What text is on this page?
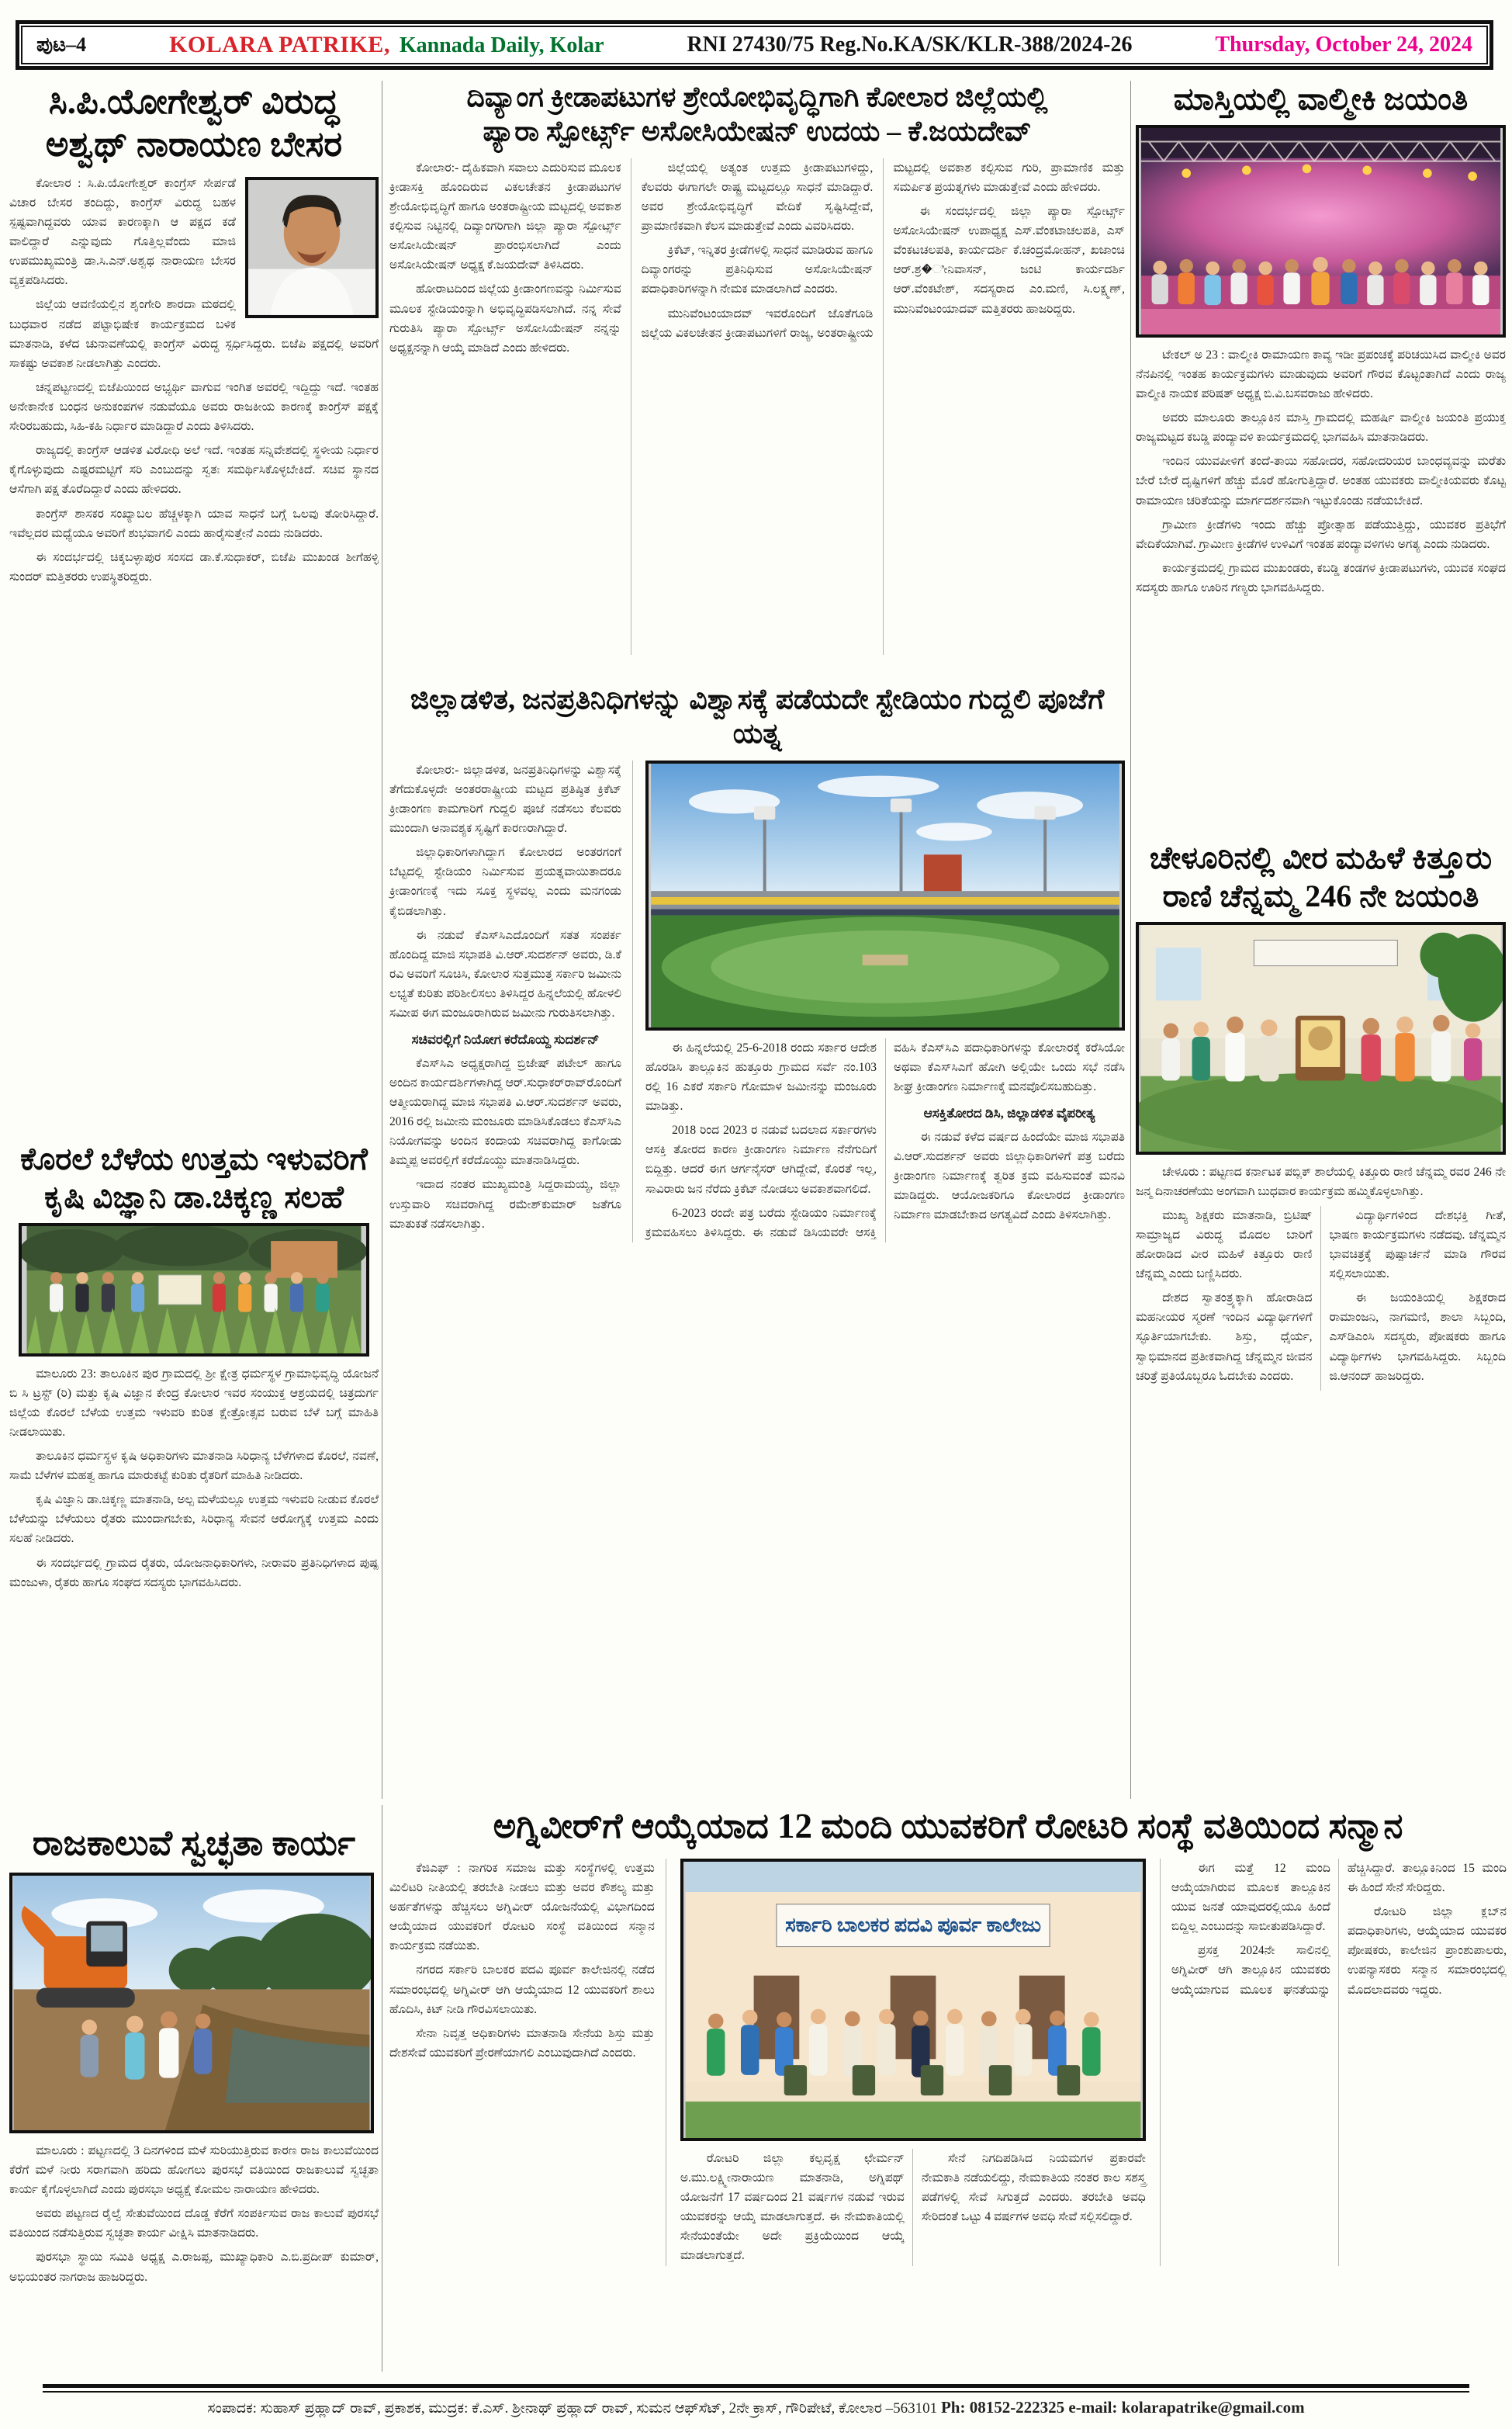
ಪುಟ–4	KOLARA PATRIKE, Kannada Daily, Kolar	RNI 27430/75 Reg.No.KA/SK/KLR-388/2024-26	Thursday, October 24, 2024
ಸಿ.ಪಿ.ಯೋಗೇಶ್ವರ್ ವಿರುದ್ಧ ಅಶ್ವಥ್ ನಾರಾಯಣ ಬೇಸರ

ಕೋಲಾರ : ಸಿ.ಪಿ.ಯೋಗೇಶ್ವರ್ ಕಾಂಗ್ರೆಸ್ ಸೇರ್ಪಡೆ ವಿಚಾರ ಬೇಸರ ತಂದಿದ್ದು, ಕಾಂಗ್ರೆಸ್ ವಿರುದ್ಧ ಬಹಳ ಸ್ಪಷ್ಟವಾಗಿದ್ದವರು ಯಾವ ಕಾರಣಕ್ಕಾಗಿ ಆ ಪಕ್ಷದ ಕಡೆ ವಾಲಿದ್ದಾರೆ ಎನ್ನುವುದು ಗೊತ್ತಿಲ್ಲವೆಂದು ಮಾಜಿ ಉಪಮುಖ್ಯಮಂತ್ರಿ ಡಾ.ಸಿ.ಎನ್.ಅಶ್ವಥ ನಾರಾಯಣ ಬೇಸರ ವ್ಯಕ್ತಪಡಿಸಿದರು.

ಜಿಲ್ಲೆಯ ಆವಣಿಯಲ್ಲಿನ ಶೃಂಗೇರಿ ಶಾರದಾ ಮಠದಲ್ಲಿ ಬುಧವಾರ ನಡೆದ ಪಟ್ಟಾಭಿಷೇಕ ಕಾರ್ಯಕ್ರಮದ ಬಳಿಕ ಮಾತನಾಡಿ, ಕಳೆದ ಚುನಾವಣೆಯಲ್ಲಿ ಕಾಂಗ್ರೆಸ್ ವಿರುದ್ಧ ಸ್ಪರ್ಧಿಸಿದ್ದರು. ಬಿಜೆಪಿ ಪಕ್ಷದಲ್ಲಿ ಅವರಿಗೆ ಸಾಕಷ್ಟು ಅವಕಾಶ ನೀಡಲಾಗಿತ್ತು ಎಂದರು.

ಚನ್ನಪಟ್ಟಣದಲ್ಲಿ ಬಿಜೆಪಿಯಿಂದ ಅಭ್ಯರ್ಥಿ ವಾಗುವ ಇಂಗಿತ ಅವರಲ್ಲಿ ಇದ್ದಿದ್ದು ಇದೆ. ಇಂತಹ ಅನೇಕಾನೇಕ ಬಂಧನ ಅನುಕಂಪಗಳ ನಡುವೆಯೂ ಅವರು ರಾಜಕೀಯ ಕಾರಣಕ್ಕೆ ಕಾಂಗ್ರೆಸ್ ಪಕ್ಷಕ್ಕೆ ಸೇರಿರಬಹುದು, ಸಿಹಿ-ಕಹಿ ನಿರ್ಧಾರ ಮಾಡಿದ್ದಾರೆ ಎಂದು ತಿಳಿಸಿದರು.

ರಾಜ್ಯದಲ್ಲಿ ಕಾಂಗ್ರೆಸ್ ಆಡಳಿತ ವಿರೋಧಿ ಅಲೆ ಇದೆ. ಇಂತಹ ಸನ್ನಿವೇಶದಲ್ಲಿ ಸ್ಥಳೀಯ ನಿರ್ಧಾರ ಕೈಗೊಳ್ಳುವುದು ಎಷ್ಟರಮಟ್ಟಿಗೆ ಸರಿ ಎಂಬುದನ್ನು ಸ್ವತಃ ಸಮರ್ಥಿಸಿಕೊಳ್ಳಬೇಕಿದೆ. ಸಚಿವ ಸ್ಥಾನದ ಆಸೆಗಾಗಿ ಪಕ್ಷ ತೊರೆದಿದ್ದಾರೆ ಎಂದು ಹೇಳಿದರು.

ಕಾಂಗ್ರೆಸ್ ಶಾಸಕರ ಸಂಖ್ಯಾಬಲ ಹೆಚ್ಚಳಕ್ಕಾಗಿ ಯಾವ ಸಾಧನೆ ಬಗ್ಗೆ ಒಲವು ತೋರಿಸಿದ್ದಾರೆ. ಇವೆಲ್ಲದರ ಮಧ್ಯೆಯೂ ಅವರಿಗೆ ಶುಭವಾಗಲಿ ಎಂದು ಹಾರೈಸುತ್ತೇನೆ ಎಂದು ನುಡಿದರು.

ಈ ಸಂದರ್ಭದಲ್ಲಿ ಚಿಕ್ಕಬಳ್ಳಾಪುರ ಸಂಸದ ಡಾ.ಕೆ.ಸುಧಾಕರ್, ಬಿಜೆಪಿ ಮುಖಂಡ ಶೀಗೆಹಳ್ಳಿ ಸುಂದರ್ ಮತ್ತಿತರರು ಉಪಸ್ಥಿತರಿದ್ದರು.

ದಿವ್ಯಾಂಗ ಕ್ರೀಡಾಪಟುಗಳ ಶ್ರೇಯೋಭಿವೃದ್ಧಿಗಾಗಿ ಕೋಲಾರ ಜಿಲ್ಲೆಯಲ್ಲಿ
ಪ್ಯಾರಾ ಸ್ಪೋರ್ಟ್ಸ್ ಅಸೋಸಿಯೇಷನ್ ಉದಯ – ಕೆ.ಜಯದೇವ್

ಕೋಲಾರ:- ದೈಹಿಕವಾಗಿ ಸವಾಲು ಎದುರಿಸುವ ಮೂಲಕ ಕ್ರೀಡಾಸಕ್ತಿ ಹೊಂದಿರುವ ವಿಕಲಚೇತನ ಕ್ರೀಡಾಪಟುಗಳ ಶ್ರೇಯೋಭಿವೃದ್ಧಿಗೆ ಹಾಗೂ ಅಂತರಾಷ್ಟ್ರೀಯ ಮಟ್ಟದಲ್ಲಿ ಅವಕಾಶ ಕಲ್ಪಿಸುವ ನಿಟ್ಟಿನಲ್ಲಿ ದಿವ್ಯಾಂಗರಿಗಾಗಿ ಜಿಲ್ಲಾ ಪ್ಯಾರಾ ಸ್ಪೋರ್ಟ್ಸ್ ಅಸೋಸಿಯೇಷನ್ ಪ್ರಾರಂಭಿಸಲಾಗಿದೆ ಎಂದು ಅಸೋಸಿಯೇಷನ್ ಅಧ್ಯಕ್ಷ ಕೆ.ಜಯದೇವ್ ತಿಳಿಸಿದರು.

ಹೋರಾಟದಿಂದ ಜಿಲ್ಲೆಯ ಕ್ರೀಡಾಂಗಣವನ್ನು ನಿರ್ಮಿಸುವ ಮೂಲಕ ಸ್ಟೇಡಿಯಂನ್ನಾಗಿ ಅಭಿವೃದ್ಧಿಪಡಿಸಲಾಗಿದೆ. ನನ್ನ ಸೇವೆ ಗುರುತಿಸಿ ಪ್ಯಾರಾ ಸ್ಪೋರ್ಟ್ಸ್ ಅಸೋಸಿಯೇಷನ್ ನನ್ನನ್ನು ಅಧ್ಯಕ್ಷನನ್ನಾಗಿ ಆಯ್ಕೆ ಮಾಡಿದೆ ಎಂದು ಹೇಳಿದರು.

ಜಿಲ್ಲೆಯಲ್ಲಿ ಅತ್ಯಂತ ಉತ್ತಮ ಕ್ರೀಡಾಪಟುಗಳಿದ್ದು, ಕೆಲವರು ಈಗಾಗಲೇ ರಾಷ್ಟ್ರ ಮಟ್ಟದಲ್ಲೂ ಸಾಧನೆ ಮಾಡಿದ್ದಾರೆ. ಅವರ ಶ್ರೇಯೋಭಿವೃದ್ಧಿಗೆ ವೇದಿಕೆ ಸೃಷ್ಟಿಸಿದ್ದೇವೆ, ಪ್ರಾಮಾಣಿಕವಾಗಿ ಕೆಲಸ ಮಾಡುತ್ತೇವೆ ಎಂದು ವಿವರಿಸಿದರು.

ಕ್ರಿಕೆಟ್, ಇನ್ನಿತರ ಕ್ರೀಡೆಗಳಲ್ಲಿ ಸಾಧನೆ ಮಾಡಿರುವ ಹಾಗೂ ದಿವ್ಯಾಂಗರನ್ನು ಪ್ರತಿನಿಧಿಸುವ ಅಸೋಸಿಯೇಷನ್ ಪದಾಧಿಕಾರಿಗಳನ್ನಾಗಿ ನೇಮಕ ಮಾಡಲಾಗಿದೆ ಎಂದರು.

ಮುನಿವೆಂಟಂಯಾದವ್ ಇವರೊಂದಿಗೆ ಜೊತೆಗೂಡಿ ಜಿಲ್ಲೆಯ ವಿಕಲಚೇತನ ಕ್ರೀಡಾಪಟುಗಳಿಗೆ ರಾಜ್ಯ, ಅಂತರಾಷ್ಟ್ರೀಯ ಮಟ್ಟದಲ್ಲಿ ಅವಕಾಶ ಕಲ್ಪಿಸುವ ಗುರಿ, ಪ್ರಾಮಾಣಿಕ ಮತ್ತು ಸಮರ್ಪಿತ ಪ್ರಯತ್ನಗಳು ಮಾಡುತ್ತೇವೆ ಎಂದು ಹೇಳಿದರು.

ಈ ಸಂದರ್ಭದಲ್ಲಿ ಜಿಲ್ಲಾ ಪ್ಯಾರಾ ಸ್ಪೋರ್ಟ್ಸ್ ಅಸೋಸಿಯೇಷನ್ ಉಪಾಧ್ಯಕ್ಷ ಎಸ್.ವೆಂಕಟಾಚಲಪತಿ, ಎಸ್ ವೆಂಕಟಚಲಪತಿ, ಕಾರ್ಯದರ್ಶಿ ಕೆ.ಚಂದ್ರಮೋಹನ್, ಖಜಾಂಚಿ ಆರ್.ಶ್ರ�ೀನಿವಾಸನ್, ಜಂಟಿ ಕಾರ್ಯದರ್ಶಿ ಆರ್.ವೆಂಕಟೇಶ್, ಸದಸ್ಯರಾದ ಎಂ.ಮಣಿ, ಸಿ.ಲಕ್ಷ್ಮಣ್, ಮುನಿವೆಂಟಂಯಾದವ್ ಮತ್ತಿತರರು ಹಾಜರಿದ್ದರು.

ಮಾಸ್ತಿಯಲ್ಲಿ ವಾಲ್ಮೀಕಿ ಜಯಂತಿ

ಟೇಕಲ್ ಅ 23 : ವಾಲ್ಮೀಕಿ ರಾಮಾಯಣ ಕಾವ್ಯ ಇಡೀ ಪ್ರಪಂಚಕ್ಕೆ ಪರಿಚಯಿಸಿದ ವಾಲ್ಮೀಕಿ ಅವರ ನೆನಪಿನಲ್ಲಿ ಇಂತಹ ಕಾರ್ಯಕ್ರಮಗಳು ಮಾಡುವುದು ಅವರಿಗೆ ಗೌರವ ಕೊಟ್ಟಂತಾಗಿದೆ ಎಂದು ರಾಜ್ಯ ವಾಲ್ಮೀಕಿ ನಾಯಕ ಪರಿಷತ್ ಅಧ್ಯಕ್ಷ ಬಿ.ವಿ.ಬಸವರಾಜು ಹೇಳಿದರು.

ಅವರು ಮಾಲೂರು ತಾಲ್ಲೂಕಿನ ಮಾಸ್ತಿ ಗ್ರಾಮದಲ್ಲಿ ಮಹರ್ಷಿ ವಾಲ್ಮೀಕಿ ಜಯಂತಿ ಪ್ರಯುಕ್ತ ರಾಜ್ಯಮಟ್ಟದ ಕಬಡ್ಡಿ ಪಂದ್ಯಾವಳಿ ಕಾರ್ಯಕ್ರಮದಲ್ಲಿ ಭಾಗವಹಿಸಿ ಮಾತನಾಡಿದರು.

ಇಂದಿನ ಯುವಪೀಳಿಗೆ ತಂದೆ-ತಾಯಿ ಸಹೋದರ, ಸಹೋದರಿಯರ ಬಾಂಧವ್ಯವನ್ನು ಮರೆತು ಬೇರೆ ಬೇರೆ ದೃಷ್ಟಿಗಳಿಗೆ ಹೆಚ್ಚು ಮೊರೆ ಹೋಗುತ್ತಿದ್ದಾರೆ. ಅಂತಹ ಯುವಕರು ವಾಲ್ಮೀಕಿಯವರು ಕೊಟ್ಟ ರಾಮಾಯಣ ಚರಿತೆಯನ್ನು ಮಾರ್ಗದರ್ಶನವಾಗಿ ಇಟ್ಟುಕೊಂಡು ನಡೆಯಬೇಕಿದೆ.

ಗ್ರಾಮೀಣ ಕ್ರೀಡೆಗಳು ಇಂದು ಹೆಚ್ಚು ಪ್ರೋತ್ಸಾಹ ಪಡೆಯುತ್ತಿದ್ದು, ಯುವಕರ ಪ್ರತಿಭೆಗೆ ವೇದಿಕೆಯಾಗಿವೆ. ಗ್ರಾಮೀಣ ಕ್ರೀಡೆಗಳ ಉಳಿವಿಗೆ ಇಂತಹ ಪಂದ್ಯಾವಳಿಗಳು ಅಗತ್ಯ ಎಂದು ನುಡಿದರು.

ಕಾರ್ಯಕ್ರಮದಲ್ಲಿ ಗ್ರಾಮದ ಮುಖಂಡರು, ಕಬಡ್ಡಿ ತಂಡಗಳ ಕ್ರೀಡಾಪಟುಗಳು, ಯುವಕ ಸಂಘದ ಸದಸ್ಯರು ಹಾಗೂ ಊರಿನ ಗಣ್ಯರು ಭಾಗವಹಿಸಿದ್ದರು.

ಜಿಲ್ಲಾಡಳಿತ, ಜನಪ್ರತಿನಿಧಿಗಳನ್ನು ವಿಶ್ವಾಸಕ್ಕೆ ಪಡೆಯದೇ ಸ್ಟೇಡಿಯಂ ಗುದ್ದಲಿ ಪೂಜೆಗೆ ಯತ್ನ

ಕೋಲಾರ:- ಜಿಲ್ಲಾಡಳಿತ, ಜನಪ್ರತಿನಿಧಿಗಳನ್ನು ವಿಶ್ವಾಸಕ್ಕೆ ತೆಗೆದುಕೊಳ್ಳದೇ ಅಂತರರಾಷ್ಟ್ರೀಯ ಮಟ್ಟದ ಪ್ರತಿಷ್ಠಿತ ಕ್ರಿಕೆಟ್ ಕ್ರೀಡಾಂಗಣ ಕಾಮಗಾರಿಗೆ ಗುದ್ದಲಿ ಪೂಜೆ ನಡೆಸಲು ಕೆಲವರು ಮುಂದಾಗಿ ಅನಾವಶ್ಯಕ ಸೃಷ್ಟಿಗೆ ಕಾರಣರಾಗಿದ್ದಾರೆ.

ಜಿಲ್ಲಾಧಿಕಾರಿಗಳಾಗಿದ್ದಾಗ ಕೋಲಾರದ ಅಂತರಗಂಗೆ ಬೆಟ್ಟದಲ್ಲಿ ಸ್ಟೇಡಿಯಂ ನಿರ್ಮಿಸುವ ಪ್ರಯತ್ನವಾಯಿತಾದರೂ ಕ್ರೀಡಾಂಗಣಕ್ಕೆ ಇದು ಸೂಕ್ತ ಸ್ಥಳವಲ್ಲ ಎಂದು ಮನಗಂಡು ಕೈಬಿಡಲಾಗಿತ್ತು.

ಈ ನಡುವೆ ಕೆಎಸ್‌ಸಿಎದೊಂದಿಗೆ ಸತತ ಸಂಪರ್ಕ ಹೊಂದಿದ್ದ ಮಾಜಿ ಸಭಾಪತಿ ವಿ.ಆರ್.ಸುದರ್ಶನ್ ಅವರು, ಡಿ.ಕೆ ರವಿ ಅವರಿಗೆ ಸೂಚಿಸಿ, ಕೋಲಾರ ಸುತ್ತಮುತ್ತ ಸರ್ಕಾರಿ ಜಮೀನು ಲಭ್ಯತೆ ಕುರಿತು ಪರಿಶೀಲಿಸಲು ತಿಳಿಸಿದ್ದರ ಹಿನ್ನಲೆಯಲ್ಲಿ ಹೋಳಲಿ ಸಮೀಪ ಈಗ ಮಂಜೂರಾಗಿರುವ ಜಮೀನು ಗುರುತಿಸಲಾಗಿತ್ತು.

ಸಚಿವರಲ್ಲಿಗೆ ನಿಯೋಗ ಕರೆದೊಯ್ದ ಸುದರ್ಶನ್

ಕೆಎಸ್‌ಸಿಎ ಅಧ್ಯಕ್ಷರಾಗಿದ್ದ ಬ್ರಿಜೇಷ್ ಪಟೇಲ್ ಹಾಗೂ ಅಂದಿನ ಕಾರ್ಯದರ್ಶಿಗಳಾಗಿದ್ದ ಆರ್.ಸುಧಾಕರ್‌ರಾವ್‌ರೊಂದಿಗೆ ಆತ್ಮೀಯರಾಗಿದ್ದ ಮಾಜಿ ಸಭಾಪತಿ ವಿ.ಆರ್.ಸುದರ್ಶನ್ ಅವರು, 2016 ರಲ್ಲಿ ಜಮೀನು ಮಂಜೂರು ಮಾಡಿಸಿಕೊಡಲು ಕೆಎಸ್‌ಸಿಎ ನಿಯೋಗವನ್ನು ಅಂದಿನ ಕಂದಾಯ ಸಚಿವರಾಗಿದ್ದ ಕಾಗೋಡು ತಿಮ್ಮಪ್ಪ ಅವರಲ್ಲಿಗೆ ಕರೆದೊಯ್ದು ಮಾತನಾಡಿಸಿದ್ದರು.

ಇದಾದ ನಂತರ ಮುಖ್ಯಮಂತ್ರಿ ಸಿದ್ದರಾಮಯ್ಯ, ಜಿಲ್ಲಾ ಉಸ್ತುವಾರಿ ಸಚಿವರಾಗಿದ್ದ ರಮೇಶ್‌ಕುಮಾರ್ ಜತೆಗೂ ಮಾತುಕತೆ ನಡೆಸಲಾಗಿತ್ತು.

ಈ ಹಿನ್ನಲೆಯಲ್ಲಿ 25-6-2018 ರಂದು ಸರ್ಕಾರ ಆದೇಶ ಹೊರಡಿಸಿ ತಾಲ್ಲೂಕಿನ ಹುತ್ತೂರು ಗ್ರಾಮದ ಸರ್ವೆ ನಂ.103 ರಲ್ಲಿ 16 ಎಕರೆ ಸರ್ಕಾರಿ ಗೋಮಾಳ ಜಮೀನನ್ನು ಮಂಜೂರು ಮಾಡಿತ್ತು.

2018 ರಿಂದ 2023 ರ ನಡುವೆ ಬದಲಾದ ಸರ್ಕಾರಗಳು ಆಸಕ್ತಿ ತೋರದ ಕಾರಣ ಕ್ರೀಡಾಂಗಣ ನಿರ್ಮಾಣ ನೆನೆಗುದಿಗೆ ಬಿದ್ದಿತ್ತು. ಆದರೆ ಈಗ ಆರ್ಗನೈಸರ್ ಆಗಿದ್ದೇವೆ, ಕೊರತೆ ಇಲ್ಲ, ಸಾವಿರಾರು ಜನ ನೆರೆದು ಕ್ರಿಕೆಟ್ ನೋಡಲು ಅವಕಾಶವಾಗಲಿದೆ.

6-2023 ರಂದೇ ಪತ್ರ ಬರೆದು ಸ್ಟೇಡಿಯಂ ನಿರ್ಮಾಣಕ್ಕೆ ಕ್ರಮವಹಿಸಲು ತಿಳಿಸಿದ್ದರು. ಈ ನಡುವೆ ಡಿಸಿಯವರೇ ಆಸಕ್ತಿ ವಹಿಸಿ ಕೆಎಸ್‌ಸಿಎ ಪದಾಧಿಕಾರಿಗಳನ್ನು ಕೋಲಾರಕ್ಕೆ ಕರೆಸಿಯೋ ಅಥವಾ ಕೆಎಸ್‌ಸಿಎಗೆ ಹೋಗಿ ಅಲ್ಲಿಯೇ ಒಂದು ಸಭೆ ನಡೆಸಿ ಶೀಘ್ರ ಕ್ರೀಡಾಂಗಣ ನಿರ್ಮಾಣಕ್ಕೆ ಮನವೊಲಿಸಬಹುದಿತ್ತು.

ಆಸಕ್ತಿತೋರದ ಡಿಸಿ, ಜಿಲ್ಲಾಡಳಿತ ವೈಪರೀತ್ಯ

ಈ ನಡುವೆ ಕಳೆದ ವರ್ಷದ ಹಿಂದೆಯೇ ಮಾಜಿ ಸಭಾಪತಿ ವಿ.ಆರ್.ಸುದರ್ಶನ್ ಅವರು ಜಿಲ್ಲಾಧಿಕಾರಿಗಳಿಗೆ ಪತ್ರ ಬರೆದು ಕ್ರೀಡಾಂಗಣ ನಿರ್ಮಾಣಕ್ಕೆ ತ್ವರಿತ ಕ್ರಮ ವಹಿಸುವಂತೆ ಮನವಿ ಮಾಡಿದ್ದರು. ಆಯೋಜಕರಿಗೂ ಕೋಲಾರದ ಕ್ರೀಡಾಂಗಣ ನಿರ್ಮಾಣ ಮಾಡಬೇಕಾದ ಅಗತ್ಯವಿದೆ ಎಂದು ತಿಳಿಸಲಾಗಿತ್ತು.

ಚೇಳೂರಿನಲ್ಲಿ ವೀರ ಮಹಿಳೆ ಕಿತ್ತೂರು
ರಾಣಿ ಚೆನ್ನಮ್ಮ 246 ನೇ ಜಯಂತಿ

ಚೇಳೂರು : ಪಟ್ಟಣದ ಕರ್ನಾಟಕ ಪಬ್ಲಿಕ್ ಶಾಲೆಯಲ್ಲಿ ಕಿತ್ತೂರು ರಾಣಿ ಚೆನ್ನಮ್ಮ ರವರ 246 ನೇ ಜನ್ಮ ದಿನಾಚರಣೆಯು ಅಂಗವಾಗಿ ಬುಧವಾರ ಕಾರ್ಯಕ್ರಮ ಹಮ್ಮಿಕೊಳ್ಳಲಾಗಿತ್ತು.

ಮುಖ್ಯ ಶಿಕ್ಷಕರು ಮಾತನಾಡಿ, ಬ್ರಿಟಿಷ್ ಸಾಮ್ರಾಜ್ಯದ ವಿರುದ್ಧ ಮೊದಲ ಬಾರಿಗೆ ಹೋರಾಡಿದ ವೀರ ಮಹಿಳೆ ಕಿತ್ತೂರು ರಾಣಿ ಚೆನ್ನಮ್ಮ ಎಂದು ಬಣ್ಣಿಸಿದರು.

ದೇಶದ ಸ್ವಾತಂತ್ರ್ಯಕ್ಕಾಗಿ ಹೋರಾಡಿದ ಮಹನೀಯರ ಸ್ಮರಣೆ ಇಂದಿನ ವಿದ್ಯಾರ್ಥಿಗಳಿಗೆ ಸ್ಫೂರ್ತಿಯಾಗಬೇಕು. ಶಿಸ್ತು, ಧೈರ್ಯ, ಸ್ವಾಭಿಮಾನದ ಪ್ರತೀಕವಾಗಿದ್ದ ಚೆನ್ನಮ್ಮನ ಜೀವನ ಚರಿತ್ರೆ ಪ್ರತಿಯೊಬ್ಬರೂ ಓದಬೇಕು ಎಂದರು.

ವಿದ್ಯಾರ್ಥಿಗಳಿಂದ ದೇಶಭಕ್ತಿ ಗೀತೆ, ಭಾಷಣ ಕಾರ್ಯಕ್ರಮಗಳು ನಡೆದವು. ಚೆನ್ನಮ್ಮನ ಭಾವಚಿತ್ರಕ್ಕೆ ಪುಷ್ಪಾರ್ಚನೆ ಮಾಡಿ ಗೌರವ ಸಲ್ಲಿಸಲಾಯಿತು.

ಈ ಜಯಂತಿಯಲ್ಲಿ ಶಿಕ್ಷಕರಾದ ರಾಮಾಂಜನಿ, ನಾಗಮಣಿ, ಶಾಲಾ ಸಿಬ್ಬಂದಿ, ಎಸ್‌ಡಿಎಂಸಿ ಸದಸ್ಯರು, ಪೋಷಕರು ಹಾಗೂ ವಿದ್ಯಾರ್ಥಿಗಳು ಭಾಗವಹಿಸಿದ್ದರು. ಸಿಬ್ಬಂದಿ ಜಿ.ಆನಂದ್ ಹಾಜರಿದ್ದರು.

ಕೊರಲೆ ಬೆಳೆಯ ಉತ್ತಮ ಇಳುವರಿಗೆ ಕೃಷಿ ವಿಜ್ಞಾನಿ ಡಾ.ಚಿಕ್ಕಣ್ಣ ಸಲಹೆ

ಮಾಲೂರು 23: ತಾಲೂಕಿನ ಪುರ ಗ್ರಾಮದಲ್ಲಿ ಶ್ರೀ ಕ್ಷೇತ್ರ ಧರ್ಮಸ್ಥಳ ಗ್ರಾಮಾಭಿವೃದ್ಧಿ ಯೋಜನೆ ಬಿ ಸಿ ಟ್ರಸ್ಟ್ (ರಿ) ಮತ್ತು ಕೃಷಿ ವಿಜ್ಞಾನ ಕೇಂದ್ರ ಕೋಲಾರ ಇವರ ಸಂಯುಕ್ತ ಆಶ್ರಯದಲ್ಲಿ ಚಿತ್ರದುರ್ಗ ಜಿಲ್ಲೆಯ ಕೊರಲೆ ಬೆಳೆಯ ಉತ್ತಮ ಇಳುವರಿ ಕುರಿತ ಕ್ಷೇತ್ರೋತ್ಸವ ಬರುವ ಬೆಳೆ ಬಗ್ಗೆ ಮಾಹಿತಿ ನೀಡಲಾಯಿತು.

ತಾಲೂಕಿನ ಧರ್ಮಸ್ಥಳ ಕೃಷಿ ಅಧಿಕಾರಿಗಳು ಮಾತನಾಡಿ ಸಿರಿಧಾನ್ಯ ಬೆಳೆಗಳಾದ ಕೊರಲೆ, ನವಣೆ, ಸಾಮೆ ಬೆಳೆಗಳ ಮಹತ್ವ ಹಾಗೂ ಮಾರುಕಟ್ಟೆ ಕುರಿತು ರೈತರಿಗೆ ಮಾಹಿತಿ ನೀಡಿದರು.

ಕೃಷಿ ವಿಜ್ಞಾನಿ ಡಾ.ಚಿಕ್ಕಣ್ಣ ಮಾತನಾಡಿ, ಅಲ್ಪ ಮಳೆಯಲ್ಲೂ ಉತ್ತಮ ಇಳುವರಿ ನೀಡುವ ಕೊರಲೆ ಬೆಳೆಯನ್ನು ಬೆಳೆಯಲು ರೈತರು ಮುಂದಾಗಬೇಕು, ಸಿರಿಧಾನ್ಯ ಸೇವನೆ ಆರೋಗ್ಯಕ್ಕೆ ಉತ್ತಮ ಎಂದು ಸಲಹೆ ನೀಡಿದರು.

ಈ ಸಂದರ್ಭದಲ್ಲಿ ಗ್ರಾಮದ ರೈತರು, ಯೋಜನಾಧಿಕಾರಿಗಳು, ನೀರಾವರಿ ಪ್ರತಿನಿಧಿಗಳಾದ ಪುಷ್ಪ ಮಂಜುಳಾ, ರೈತರು ಹಾಗೂ ಸಂಘದ ಸದಸ್ಯರು ಭಾಗವಹಿಸಿದರು.

ರಾಜಕಾಲುವೆ ಸ್ವಚ್ಛತಾ ಕಾರ್ಯ

ಮಾಲೂರು : ಪಟ್ಟಣದಲ್ಲಿ 3 ದಿನಗಳಿಂದ ಮಳೆ ಸುರಿಯುತ್ತಿರುವ ಕಾರಣ ರಾಜ ಕಾಲುವೆಯಿಂದ ಕೆರೆಗೆ ಮಳೆ ನೀರು ಸರಾಗವಾಗಿ ಹರಿದು ಹೋಗಲು ಪುರಸಭೆ ವತಿಯಿಂದ ರಾಜಕಾಲುವೆ ಸ್ವಚ್ಛತಾ ಕಾರ್ಯ ಕೈಗೊಳ್ಳಲಾಗಿದೆ ಎಂದು ಪುರಸಭಾ ಅಧ್ಯಕ್ಷೆ ಕೋಮಲ ನಾರಾಯಣ ಹೇಳಿದರು.

ಅವರು ಪಟ್ಟಣದ ರೈಲ್ವೆ ಸೇತುವೆಯಿಂದ ದೊಡ್ಡ ಕೆರೆಗೆ ಸಂಪರ್ಕಿಸುವ ರಾಜ ಕಾಲುವೆ ಪುರಸಭೆ ವತಿಯಿಂದ ನಡೆಸುತ್ತಿರುವ ಸ್ವಚ್ಛತಾ ಕಾರ್ಯ ವೀಕ್ಷಿಸಿ ಮಾತನಾಡಿದರು.

ಪುರಸಭಾ ಸ್ಥಾಯಿ ಸಮಿತಿ ಅಧ್ಯಕ್ಷ ಎ.ರಾಜಪ್ಪ, ಮುಖ್ಯಾಧಿಕಾರಿ ಎ.ಬಿ.ಪ್ರದೀಪ್ ಕುಮಾರ್, ಅಭಿಯಂತರ ನಾಗರಾಜ ಹಾಜರಿದ್ದರು.

ಅಗ್ನಿವೀರ್‌ಗೆ ಆಯ್ಕೆಯಾದ 12 ಮಂದಿ ಯುವಕರಿಗೆ ರೋಟರಿ ಸಂಸ್ಥೆ ವತಿಯಿಂದ ಸನ್ಮಾನ

ಕೆಜಿಎಫ್ : ನಾಗರಿಕ ಸಮಾಜ ಮತ್ತು ಸಂಸ್ಥೆಗಳಲ್ಲಿ ಉತ್ತಮ ಮಿಲಿಟರಿ ನೀತಿಯಲ್ಲಿ ತರಬೇತಿ ನೀಡಲು ಮತ್ತು ಅವರ ಕೌಶಲ್ಯ ಮತ್ತು ಅರ್ಹತೆಗಳನ್ನು ಹೆಚ್ಚಿಸಲು ಅಗ್ನಿವೀರ್ ಯೋಜನೆಯಲ್ಲಿ ವಿಭಾಗದಿಂದ ಆಯ್ಕೆಯಾದ ಯುವಕರಿಗೆ ರೋಟರಿ ಸಂಸ್ಥೆ ವತಿಯಿಂದ ಸನ್ಮಾನ ಕಾರ್ಯಕ್ರಮ ನಡೆಯಿತು.

ನಗರದ ಸರ್ಕಾರಿ ಬಾಲಕರ ಪದವಿ ಪೂರ್ವ ಕಾಲೇಜಿನಲ್ಲಿ ನಡೆದ ಸಮಾರಂಭದಲ್ಲಿ ಅಗ್ನಿವೀರ್ ಆಗಿ ಆಯ್ಕೆಯಾದ 12 ಯುವಕರಿಗೆ ಶಾಲು ಹೊದಿಸಿ, ಕಿಟ್ ನೀಡಿ ಗೌರವಿಸಲಾಯಿತು.

ಸೇನಾ ನಿವೃತ್ತ ಅಧಿಕಾರಿಗಳು ಮಾತನಾಡಿ ಸೇನೆಯ ಶಿಸ್ತು ಮತ್ತು ದೇಶಸೇವೆ ಯುವಕರಿಗೆ ಪ್ರೇರಣೆಯಾಗಲಿ ಎಂಬುವುದಾಗಿದೆ ಎಂದರು.

ಸರ್ಕಾರಿ ಬಾಲಕರ ಪದವಿ ಪೂರ್ವ ಕಾಲೇಜು

ರೋಟರಿ ಜಿಲ್ಲಾ ಕಲ್ಪವೃಕ್ಷ ಛೇರ್ಮನ್ ಅ.ಮು.ಲಕ್ಷ್ಮೀನಾರಾಯಣ ಮಾತನಾಡಿ, ಅಗ್ನಿಪಥ್ ಯೋಜನೆಗೆ 17 ವರ್ಷದಿಂದ 21 ವರ್ಷಗಳ ನಡುವೆ ಇರುವ ಯುವಕರನ್ನು ಆಯ್ಕೆ ಮಾಡಲಾಗುತ್ತದೆ. ಈ ನೇಮಕಾತಿಯಲ್ಲಿ ಸೇನೆಯಂತೆಯೇ ಅದೇ ಪ್ರಕ್ರಿಯೆಯಿಂದ ಆಯ್ಕೆ ಮಾಡಲಾಗುತ್ತದೆ.

ಸೇನೆ ನಿಗದಿಪಡಿಸಿದ ನಿಯಮಗಳ ಪ್ರಕಾರವೇ ನೇಮಕಾತಿ ನಡೆಯಲಿದ್ದು, ನೇಮಕಾತಿಯ ನಂತರ ಕಾಲ ಸಶಸ್ತ್ರ ಪಡೆಗಳಲ್ಲಿ ಸೇವೆ ಸಿಗುತ್ತದೆ ಎಂದರು. ತರಬೇತಿ ಅವಧಿ ಸೇರಿದಂತೆ ಒಟ್ಟು 4 ವರ್ಷಗಳ ಅವಧಿ ಸೇವೆ ಸಲ್ಲಿಸಲಿದ್ದಾರೆ.

ಈಗ ಮತ್ತೆ 12 ಮಂದಿ ಆಯ್ಕೆಯಾಗಿರುವ ಮೂಲಕ ತಾಲ್ಲೂಕಿನ ಯುವ ಜನತೆ ಯಾವುದರಲ್ಲಿಯೂ ಹಿಂದೆ ಬಿದ್ದಿಲ್ಲ ಎಂಬುದನ್ನು ಸಾಬೀತುಪಡಿಸಿದ್ದಾರೆ.

ಪ್ರಸಕ್ತ 2024ನೇ ಸಾಲಿನಲ್ಲಿ ಅಗ್ನಿವೀರ್ ಆಗಿ ತಾಲ್ಲೂಕಿನ ಯುವಕರು ಆಯ್ಕೆಯಾಗುವ ಮೂಲಕ ಘನತೆಯನ್ನು ಹೆಚ್ಚಿಸಿದ್ದಾರೆ. ತಾಲ್ಲೂಕಿನಿಂದ 15 ಮಂದಿ ಈ ಹಿಂದೆ ಸೇನೆ ಸೇರಿದ್ದರು.

ರೋಟರಿ ಜಿಲ್ಲಾ ಕ್ಲಬ್‌ನ ಪದಾಧಿಕಾರಿಗಳು, ಆಯ್ಕೆಯಾದ ಯುವಕರ ಪೋಷಕರು, ಕಾಲೇಜಿನ ಪ್ರಾಂಶುಪಾಲರು, ಉಪನ್ಯಾಸಕರು ಸನ್ಮಾನ ಸಮಾರಂಭದಲ್ಲಿ ಮೊದಲಾದವರು ಇದ್ದರು.

ಸಂಪಾದಕ: ಸುಹಾಸ್ ಪ್ರಹ್ಲಾದ್ ರಾವ್, ಪ್ರಕಾಶಕ, ಮುದ್ರಕ: ಕೆ.ಎಸ್. ಶ್ರೀನಾಥ್ ಪ್ರಹ್ಲಾದ್ ರಾವ್, ಸುಮನ ಆಫ್‌ಸೆಟ್, 2ನೇ ಕ್ರಾಸ್, ಗೌರಿಪೇಟೆ, ಕೋಲಾರ –563101 Ph: 08152-222325 e-mail: kolarapatrike@gmail.com
